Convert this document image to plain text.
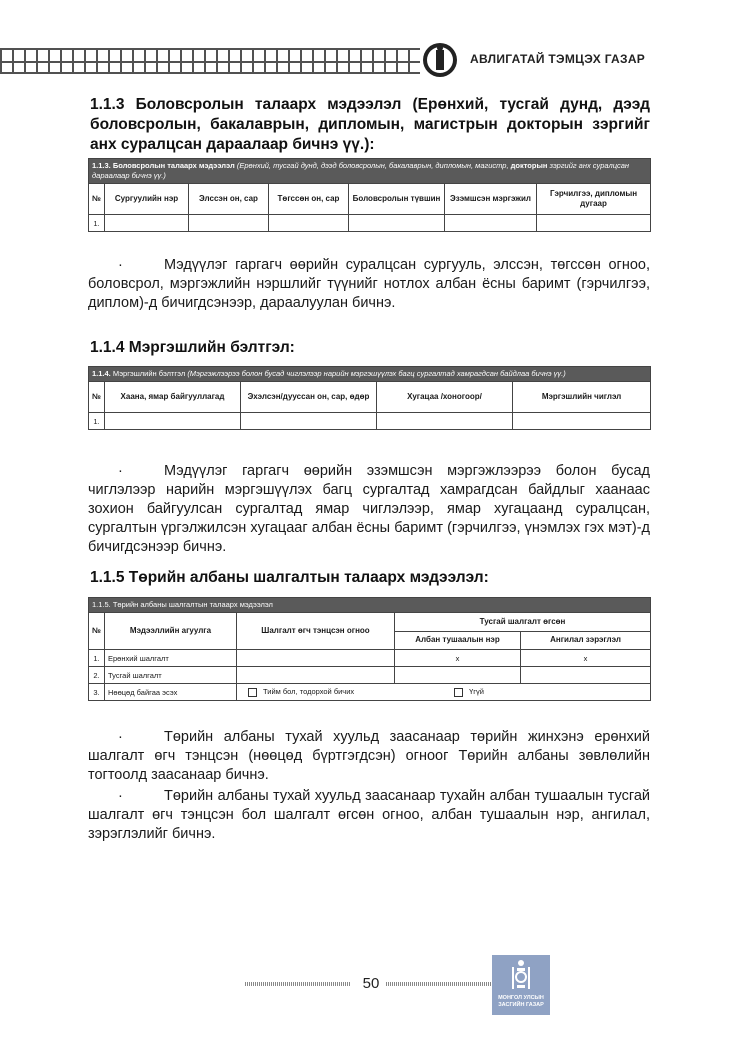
АВЛИГАТАЙ ТЭМЦЭХ ГАЗАР
1.1.3 Боловсролын талаарх мэдээлэл (Ерөнхий, тусгай дунд, дээд боловсролын, бакалаврын, дипломын, магистрын докторын зэргийг анх суралцсан дараалаар бичнэ үү.):
1.1.3. Боловсролын талаарх мэдээлэл (Ерөнхий, тусгай дунд, дээд боловсролын, бакалаврын, дипломын, магистр, докторын зэргийг анх суралцсан дараалаар бичнэ үү.)						
№	Сургуулийн нэр	Элссэн он, сар	Төгссөн он, сар	Боловсролын түвшин	Эзэмшсэн мэргэжил	Гэрчилгээ, дипломын дугаар
1.						
·	Мэдүүлэг гаргагч өөрийн суралцсан сургууль, элссэн, төгссөн огноо, боловсрол, мэргэжлийн нэршлийг түүнийг нотлох албан ёсны баримт (гэрчилгээ, диплом)-д бичигдсэнээр, дараалуулан бичнэ.
1.1.4 Мэргэшлийн бэлтгэл:
1.1.4. Мэргэшлийн бэлтгэл (Мэргэжлээрээ болон бусад чиглэлээр нарийн мэргэшүүлэх багц сургалтад хамрагдсан байдлаа бичнэ үү.)				
№	Хаана, ямар байгууллагад	Эхэлсэн/дууссан он, сар, өдөр	Хугацаа /хоногоор/	Мэргэшлийн чиглэл
1.				
·	Мэдүүлэг гаргагч өөрийн эзэмшсэн мэргэжлээрээ болон бусад чиглэлээр нарийн мэргэшүүлэх багц сургалтад хамрагдсан байдлыг хаанаас зохион байгуулсан сургалтад ямар чиглэлээр, ямар хугацаанд суралцсан, сургалтын үргэлжилсэн хугацааг албан ёсны баримт (гэрчилгээ, үнэмлэх гэх мэт)-д бичигдсэнээр бичнэ.
1.1.5 Төрийн албаны шалгалтын талаарх мэдээлэл:
1.1.5. Төрийн албаны шалгалтын талаарх мэдээлэл				
№	Мэдээллийн агуулга	Шалгалт өгч тэнцсэн огноо	Тусгай шалгалт өгсөн	
			Албан тушаалын нэр	Ангилал зэрэглэл
1.	Ерөнхий шалгалт		x	x
2.	Тусгай шалгалт			
3.	Нөөцөд байгаа эсэх	Тийм бол, тодорхой бичих Үгүй		
·	Төрийн албаны тухай хуульд заасанаар төрийн жинхэнэ ерөнхий шалгалт өгч тэнцсэн (нөөцөд бүртгэгдсэн) огноог Төрийн албаны зөвлөлийн тогтоолд заасанаар бичнэ.
·	Төрийн албаны тухай хуульд заасанаар тухайн албан тушаалын тусгай шалгалт өгч тэнцсэн бол шалгалт өгсөн огноо, албан тушаалын нэр, ангилал, зэрэглэлийг бичнэ.
50
МОНГОЛ УЛСЫН
ЗАСГИЙН ГАЗАР
